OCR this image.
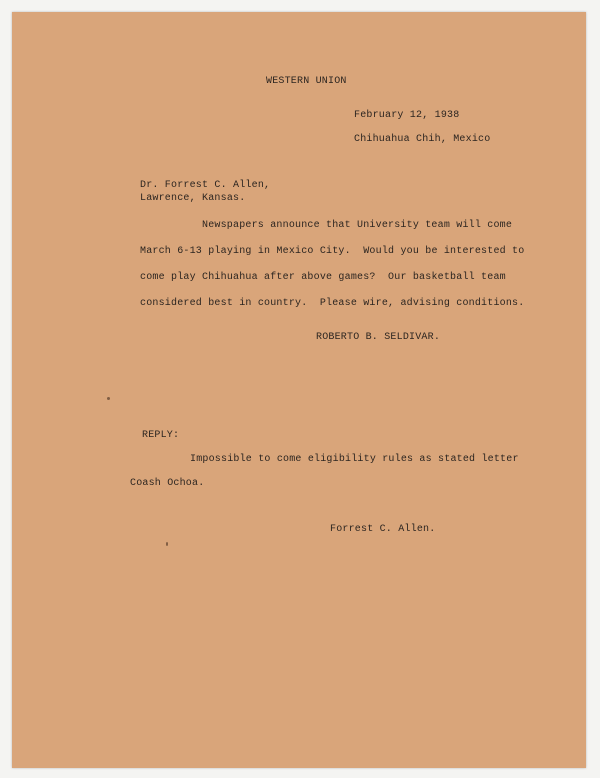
WESTERN UNION
February 12, 1938
Chihuahua Chih, Mexico
Dr. Forrest C. Allen,
Lawrence, Kansas.
Newspapers announce that University team will come
March 6-13 playing in Mexico City.  Would you be interested to
come play Chihuahua after above games?  Our basketball team
considered best in country.  Please wire, advising conditions.
ROBERTO B. SELDIVAR.
REPLY:
Impossible to come eligibility rules as stated letter
Coash Ochoa.
Forrest C. Allen.
